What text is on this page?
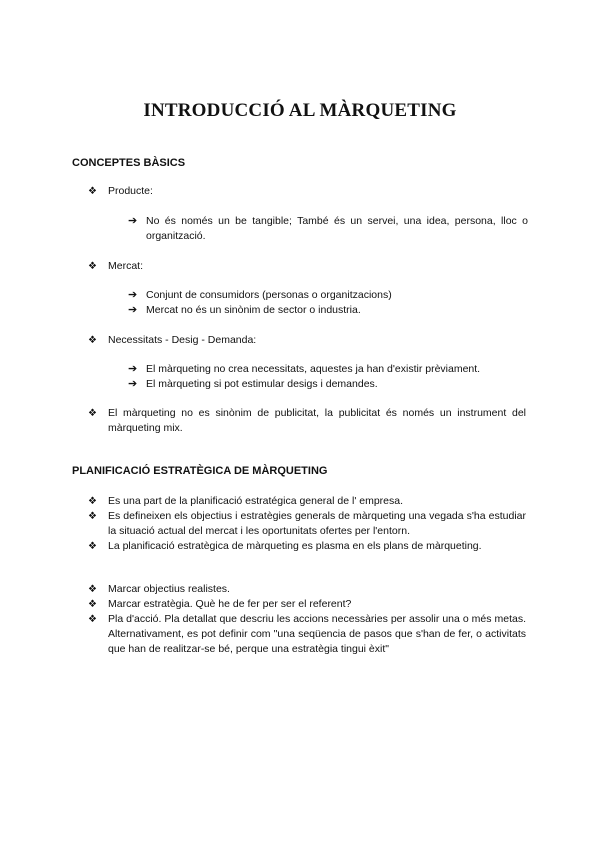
INTRODUCCIÓ AL MÀRQUETING
CONCEPTES BÀSICS
❖ Producte:
➔ No és només un be tangible; També és un servei, una idea, persona, lloc o organització.
❖ Mercat:
➔ Conjunt de consumidors (personas o organitzacions)
➔ Mercat no és un sinònim de sector o industria.
❖ Necessitats - Desig - Demanda:
➔ El màrqueting no crea necessitats, aquestes ja han d'existir prèviament.
➔ El màrqueting si pot estimular desigs i demandes.
❖ El màrqueting no es sinònim de publicitat, la publicitat és només un instrument del màrqueting mix.
PLANIFICACIÓ ESTRATÈGICA DE MÀRQUETING
❖ Es una part de la planificació estratégica general de l' empresa.
❖ Es defineixen els objectius i estratègies generals de màrqueting una vegada s'ha estudiar la situació actual del mercat i les oportunitats ofertes per l'entorn.
❖ La planificació estratègica de màrqueting es plasma en els plans de màrqueting.
❖ Marcar objectius realistes.
❖ Marcar estratègia. Què he de fer per ser el referent?
❖ Pla d'acció. Pla detallat que descriu les accions necessàries per assolir una o més metas. Alternativament, es pot definir com "una seqüencia de pasos que s'han de fer, o activitats que han de realitzar-se bé, perque una estratègia tingui èxit"
